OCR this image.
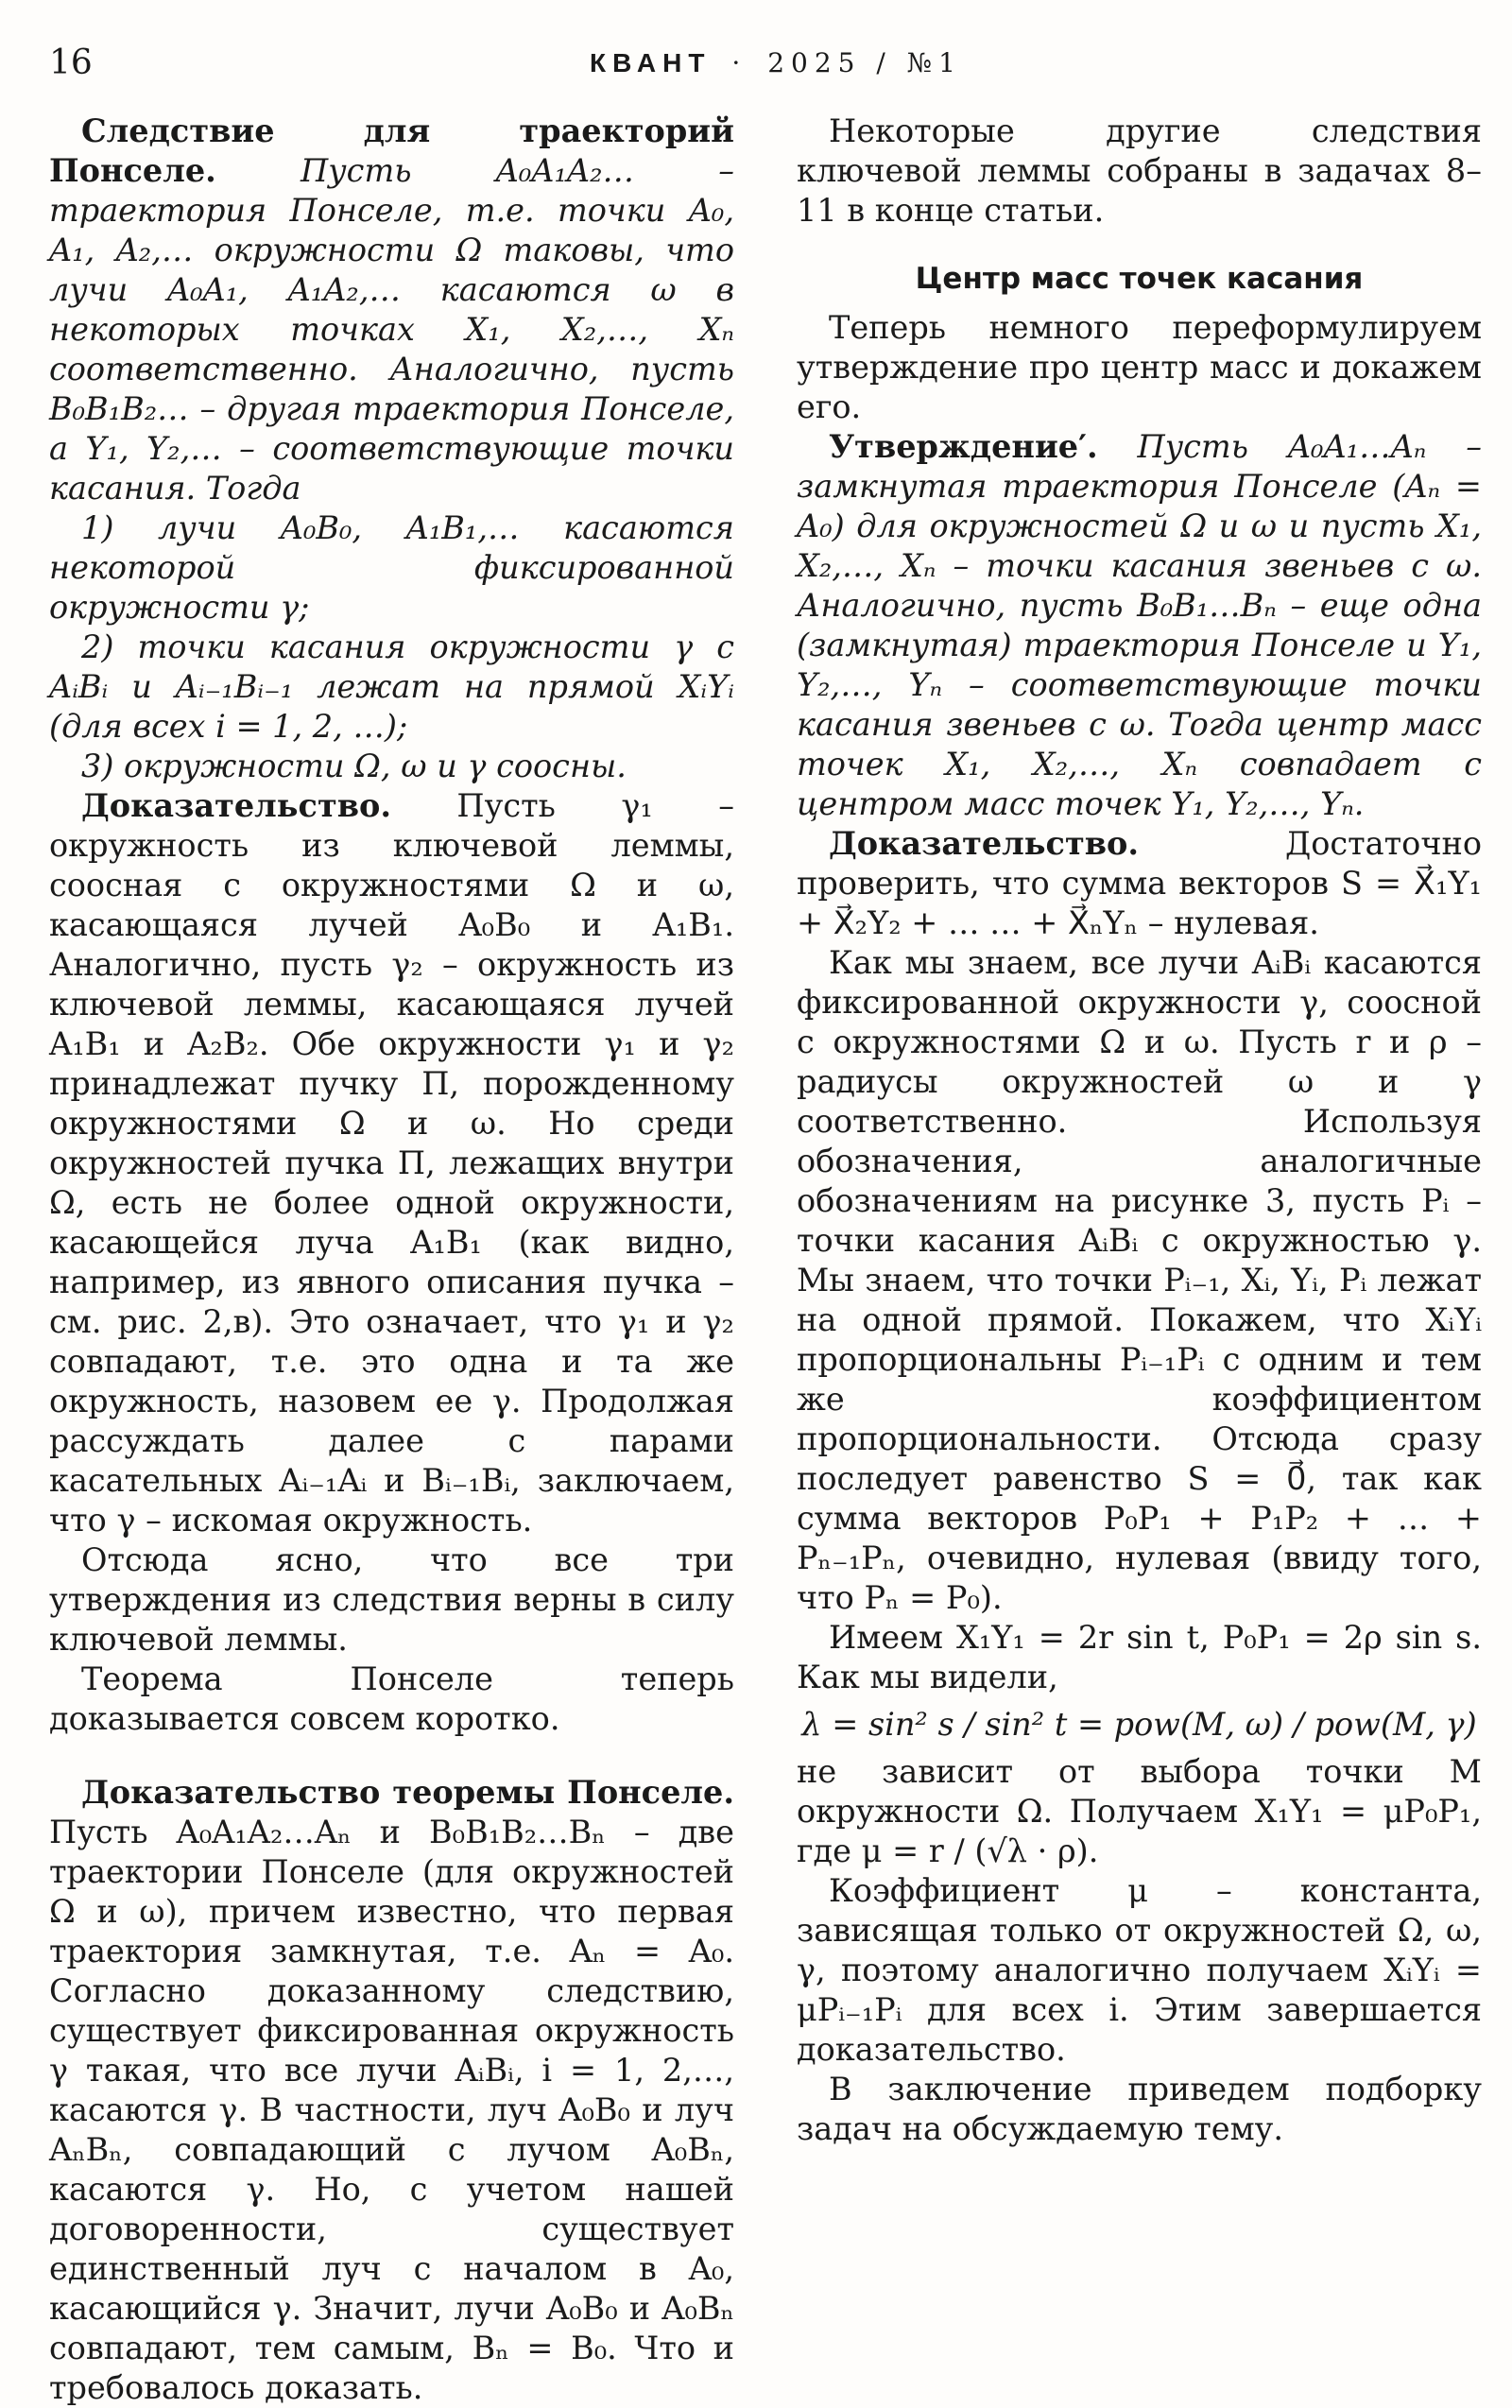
16	КВАНТ · 2025 / №1

Следствие для траекторий Понселе. Пусть A₀A₁A₂… – траектория Понселе, т.е. точки A₀, A₁, A₂,… окружности Ω таковы, что лучи A₀A₁, A₁A₂,… касаются ω в некоторых точках X₁, X₂,…, Xₙ соответственно. Аналогично, пусть B₀B₁B₂… – другая траектория Понселе, а Y₁, Y₂,… – соответствующие точки касания. Тогда

1) лучи A₀B₀, A₁B₁,… касаются некоторой фиксированной окружности γ;

2) точки касания окружности γ с AᵢBᵢ и Aᵢ₋₁Bᵢ₋₁ лежат на прямой XᵢYᵢ (для всех i = 1, 2, …);

3) окружности Ω, ω и γ соосны.

Доказательство. Пусть γ₁ – окружность из ключевой леммы, соосная с окружностями Ω и ω, касающаяся лучей A₀B₀ и A₁B₁. Аналогично, пусть γ₂ – окружность из ключевой леммы, касающаяся лучей A₁B₁ и A₂B₂. Обе окружности γ₁ и γ₂ принадлежат пучку Π, порожденному окружностями Ω и ω. Но среди окружностей пучка Π, лежащих внутри Ω, есть не более одной окружности, касающейся луча A₁B₁ (как видно, например, из явного описания пучка – см. рис. 2,в). Это означает, что γ₁ и γ₂ совпадают, т.е. это одна и та же окружность, назовем ее γ. Продолжая рассуждать далее с парами касательных Aᵢ₋₁Aᵢ и Bᵢ₋₁Bᵢ, заключаем, что γ – искомая окружность.

Отсюда ясно, что все три утверждения из следствия верны в силу ключевой леммы.

Теорема Понселе теперь доказывается совсем коротко.

Доказательство теоремы Понселе. Пусть A₀A₁A₂…Aₙ и B₀B₁B₂…Bₙ – две траектории Понселе (для окружностей Ω и ω), причем известно, что первая траектория замкнутая, т.е. Aₙ = A₀. Согласно доказанному следствию, существует фиксированная окружность γ такая, что все лучи AᵢBᵢ, i = 1, 2,…, касаются γ. В частности, луч A₀B₀ и луч AₙBₙ, совпадающий с лучом A₀Bₙ, касаются γ. Но, с учетом нашей договоренности, существует единственный луч с началом в A₀, касающийся γ. Значит, лучи A₀B₀ и A₀Bₙ совпадают, тем самым, Bₙ = B₀. Что и требовалось доказать.

Некоторые другие следствия ключевой леммы собраны в задачах 8–11 в конце статьи.

Центр масс точек касания

Теперь немного переформулируем утверждение про центр масс и докажем его.

Утверждение′. Пусть A₀A₁…Aₙ – замкнутая траектория Понселе (Aₙ = A₀) для окружностей Ω и ω и пусть X₁, X₂,…, Xₙ – точки касания звеньев с ω. Аналогично, пусть B₀B₁…Bₙ – еще одна (замкнутая) траектория Понселе и Y₁, Y₂,…, Yₙ – соответствующие точки касания звеньев с ω. Тогда центр масс точек X₁, X₂,…, Xₙ совпадает с центром масс точек Y₁, Y₂,…, Yₙ.

Доказательство. Достаточно проверить, что сумма векторов S = X⃗₁Y₁ + X⃗₂Y₂ + … … + X⃗ₙYₙ – нулевая.

Как мы знаем, все лучи AᵢBᵢ касаются фиксированной окружности γ, соосной с окружностями Ω и ω. Пусть r и ρ – радиусы окружностей ω и γ соответственно. Используя обозначения, аналогичные обозначениям на рисунке 3, пусть Pᵢ – точки касания AᵢBᵢ с окружностью γ. Мы знаем, что точки Pᵢ₋₁, Xᵢ, Yᵢ, Pᵢ лежат на одной прямой. Покажем, что XᵢYᵢ пропорциональны Pᵢ₋₁Pᵢ с одним и тем же коэффициентом пропорциональности. Отсюда сразу последует равенство S = 0⃗, так как сумма векторов P₀P₁ + P₁P₂ + … + Pₙ₋₁Pₙ, очевидно, нулевая (ввиду того, что Pₙ = P₀).

Имеем X₁Y₁ = 2r sin t, P₀P₁ = 2ρ sin s. Как мы видели,

λ = sin² s / sin² t = pow(M, ω) / pow(M, γ)

не зависит от выбора точки M окружности Ω. Получаем X₁Y₁ = μP₀P₁, где μ = r / (√λ · ρ).

Коэффициент μ – константа, зависящая только от окружностей Ω, ω, γ, поэтому аналогично получаем XᵢYᵢ = μPᵢ₋₁Pᵢ для всех i. Этим завершается доказательство.

В заключение приведем подборку задач на обсуждаемую тему.
